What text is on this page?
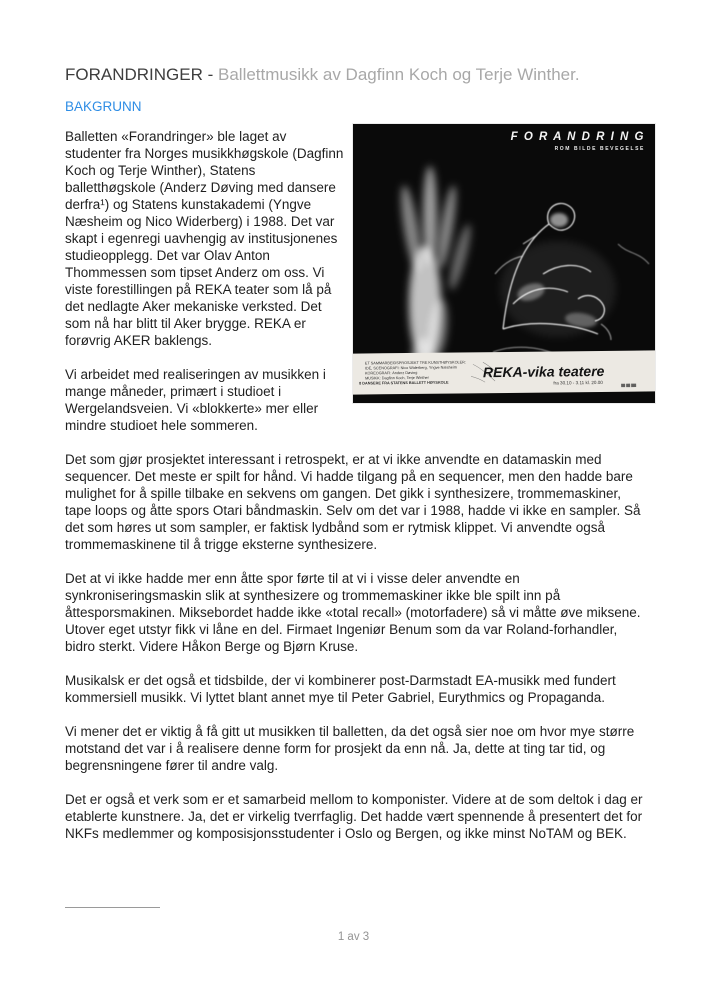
FORANDRINGER - Ballettmusikk av Dagfinn Koch og Terje Winther.
BAKGRUNN

Balletten «Forandringer» ble laget av studenter fra Norges musikkhøgskole (Dagfinn Koch og Terje Winther), Statens balletthøgskole (Anderz Døving med dansere derfra¹) og Statens kunstakademi (Yngve Næsheim og Nico Widerberg) i 1988. Det var skapt i egenregi uavhengig av institusjonenes studieopplegg. Det var Olav Anton Thommessen som tipset Anderz om oss. Vi viste forestillingen på REKA teater som lå på det nedlagte Aker mekaniske verksted. Det som nå har blitt til Aker brygge. REKA er forøvrig AKER baklengs.

Vi arbeidet med realiseringen av musikken i mange måneder, primært i studioet i Wergelandsveien. Vi «blokkerte» mer eller mindre studioet hele sommeren.

Det som gjør prosjektet interessant i retrospekt, er at vi ikke anvendte en datamaskin med sequencer. Det meste er spilt for hånd. Vi hadde tilgang på en sequencer, men den hadde bare mulighet for å spille tilbake en sekvens om gangen. Det gikk i synthesizere, trommemaskiner, tape loops og åtte spors Otari båndmaskin. Selv om det var i 1988, hadde vi ikke en sampler. Så det som høres ut som sampler, er faktisk lydbånd som er rytmisk klippet. Vi anvendte også trommemaskinene til å trigge eksterne synthesizere.

Det at vi ikke hadde mer enn åtte spor førte til at vi i visse deler anvendte en synkroniseringsmaskin slik at synthesizere og trommemaskiner ikke ble spilt inn på åttesporsmakinen. Miksebordet hadde ikke «total recall» (motorfadere) så vi måtte øve miksene. Utover eget utstyr fikk vi låne en del. Firmaet Ingeniør Benum som da var Roland-forhandler, bidro sterkt. Videre Håkon Berge og Bjørn Kruse.

Musikalsk er det også et tidsbilde, der vi kombinerer post-Darmstadt EA-musikk med fundert kommersiell musikk. Vi lyttet blant annet mye til Peter Gabriel, Eurythmics og Propaganda.

Vi mener det er viktig å få gitt ut musikken til balletten, da det også sier noe om hvor mye større motstand det var i å realisere denne form for prosjekt da enn nå. Ja, dette at ting tar tid, og begrensningene fører til andre valg.

Det er også et verk som er et samarbeid mellom to komponister. Videre at de som deltok i dag er etablerte kunstnere. Ja, det er virkelig tverrfaglig. Det hadde vært spennende å presentert det for NKFs medlemmer og komposisjonsstudenter i Oslo og Bergen, og ikke minst NoTAM og BEK.

F O R A N D R I N G
ROM BILDE BEVEGELSE
ET SAMMARBEIDSPROSJEKT TRE KUNSTHØYSKOLER:
IDE, SCENOGRAFI: Nico Widerberg, Yngve Næsheim
KOREOGRAFI: Anderz Døving
MUSIKK: Dagfinn Koch, Terje Winther
8 DANSERE FRA STATENS BALLETT HØYSKOLE
REKA-vika teatere
fra 30.10 - 3.11 kl. 20.00
1 av 3
